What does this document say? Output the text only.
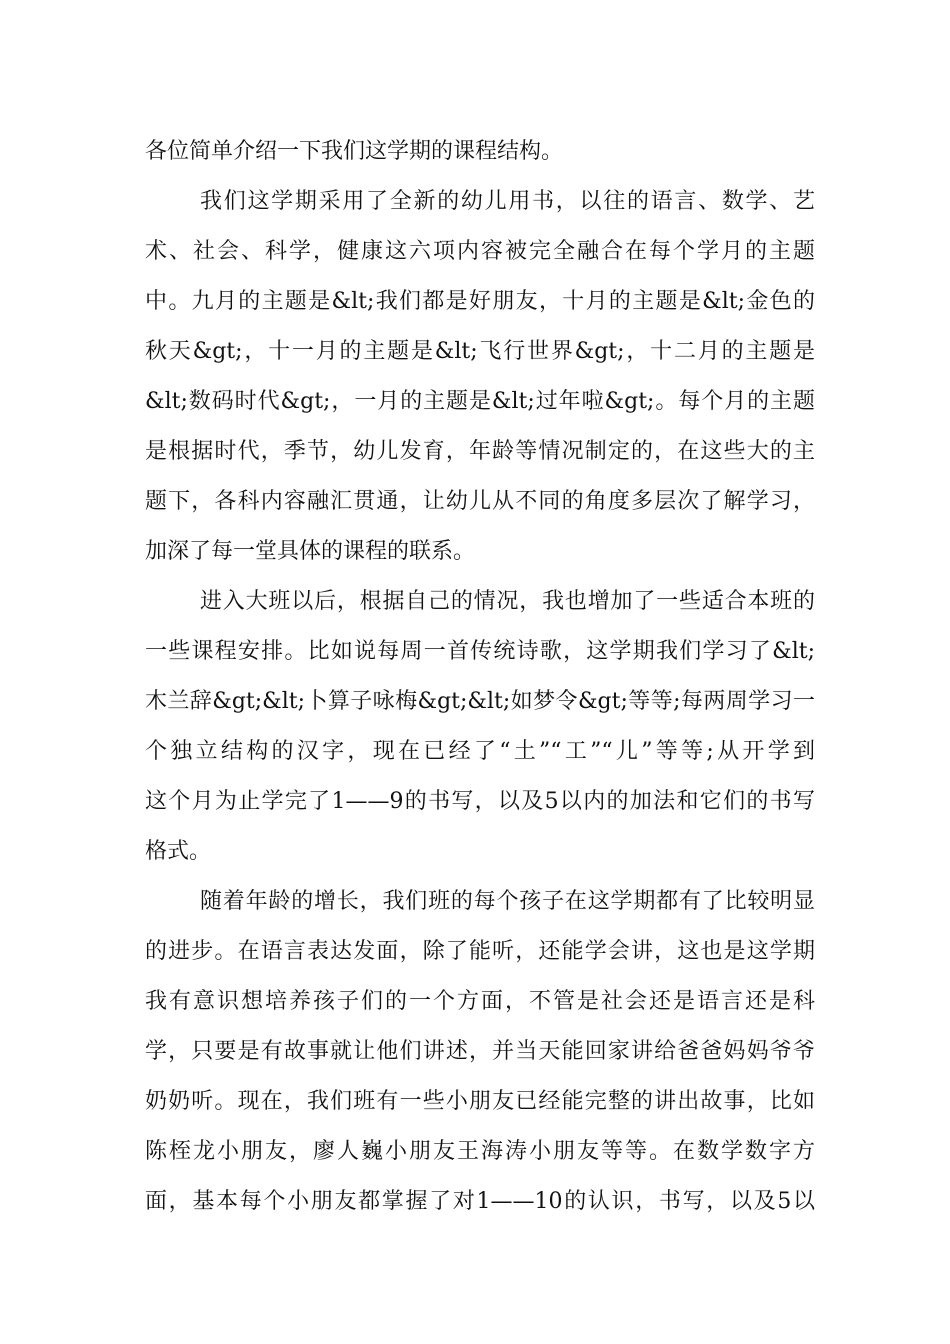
各位简单介绍一下我们这学期的课程结构。
我们这学期采用了全新的幼儿用书，以往的语言、数学、艺
术、社会、科学，健康这六项内容被完全融合在每个学月的主题
中。九月的主题是&lt;我们都是好朋友，十月的主题是&lt;金色的
秋天&gt;，十一月的主题是&lt;飞行世界&gt;，十二月的主题是
&lt;数码时代&gt;，一月的主题是&lt;过年啦&gt;。每个月的主题
是根据时代，季节，幼儿发育，年龄等情况制定的，在这些大的主
题下，各科内容融汇贯通，让幼儿从不同的角度多层次了解学习，
加深了每一堂具体的课程的联系。
进入大班以后，根据自己的情况，我也增加了一些适合本班的
一些课程安排。比如说每周一首传统诗歌，这学期我们学习了&lt;
木兰辞&gt;&lt;卜算子咏梅&gt;&lt;如梦令&gt;等等;每两周学习一
个独立结构的汉字，现在已经了“土”“工”“儿”等等;从开学到
这个月为止学完了1——9的书写，以及5以内的加法和它们的书写
格式。
随着年龄的增长，我们班的每个孩子在这学期都有了比较明显
的进步。在语言表达发面，除了能听，还能学会讲，这也是这学期
我有意识想培养孩子们的一个方面，不管是社会还是语言还是科
学，只要是有故事就让他们讲述，并当天能回家讲给爸爸妈妈爷爷
奶奶听。现在，我们班有一些小朋友已经能完整的讲出故事，比如
陈桎龙小朋友，廖人巍小朋友王海涛小朋友等等。在数学数字方
面，基本每个小朋友都掌握了对1——10的认识，书写，以及5以
